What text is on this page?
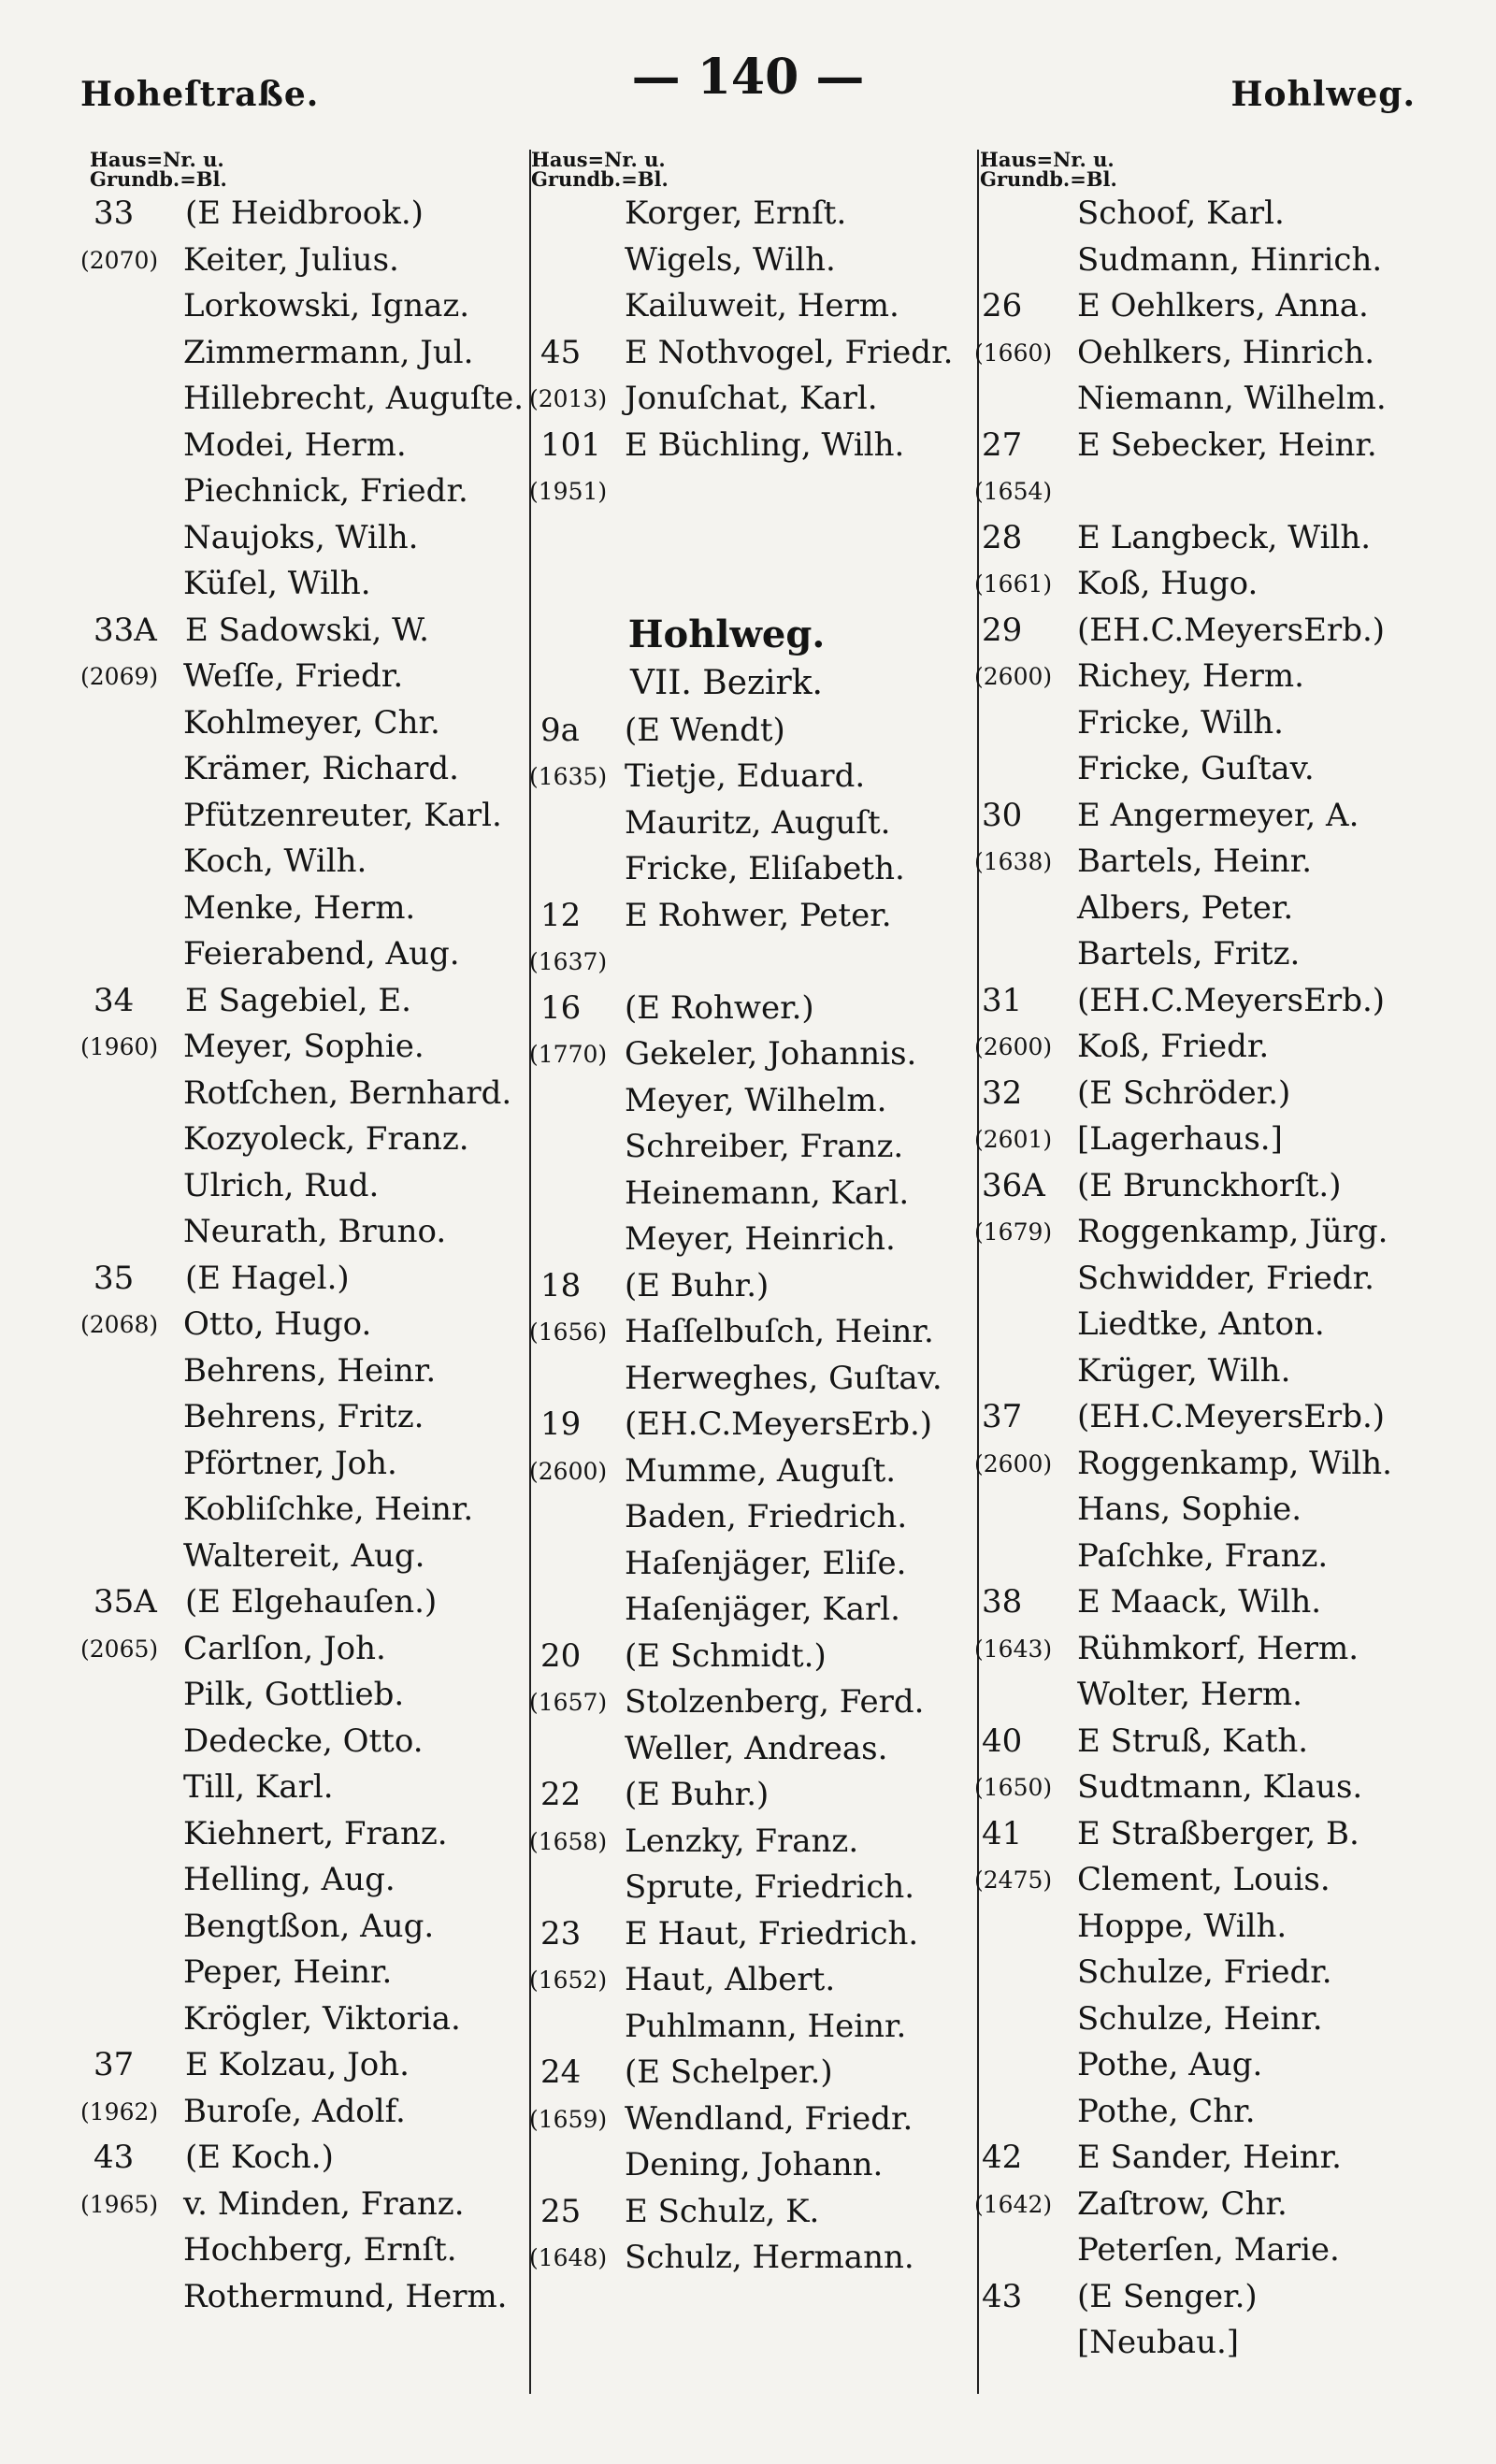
Hoheſtraße.	— 140 —	Hohlweg.
Haus=Nr. u.
Grundb.=Bl.
33 (E Heidbrook.)
(2070) Keiter, Julius.
Lorkowski, Ignaz.
Zimmermann, Jul.
Hillebrecht, Auguſte.
Modei, Herm.
Piechnick, Friedr.
Naujoks, Wilh.
Küſel, Wilh.
33A E Sadowski, W.
(2069) Weſſe, Friedr.
Kohlmeyer, Chr.
Krämer, Richard.
Pfützenreuter, Karl.
Koch, Wilh.
Menke, Herm.
Feierabend, Aug.
34 E Sagebiel, E.
(1960) Meyer, Sophie.
Rotſchen, Bernhard.
Kozyoleck, Franz.
Ulrich, Rud.
Neurath, Bruno.
35 (E Hagel.)
(2068) Otto, Hugo.
Behrens, Heinr.
Behrens, Fritz.
Pförtner, Joh.
Kobliſchke, Heinr.
Waltereit, Aug.
35A (E Elgehauſen.)
(2065) Carlſon, Joh.
Pilk, Gottlieb.
Dedecke, Otto.
Till, Karl.
Kiehnert, Franz.
Helling, Aug.
Bengtßon, Aug.
Peper, Heinr.
Krögler, Viktoria.
37 E Kolzau, Joh.
(1962) Buroſe, Adolf.
43 (E Koch.)
(1965) v. Minden, Franz.
Hochberg, Ernſt.
Rothermund, Herm.
Haus=Nr. u.
Grundb.=Bl.
Korger, Ernſt.
Wigels, Wilh.
Kailuweit, Herm.
45 E Nothvogel, Friedr.
(2013) Jonuſchat, Karl.
101 E Büchling, Wilh.
(1951)
Hohlweg.
VII. Bezirk.
9a (E Wendt)
(1635) Tietje, Eduard.
Mauritz, Auguſt.
Fricke, Eliſabeth.
12 E Rohwer, Peter.
(1637)
16 (E Rohwer.)
(1770) Gekeler, Johannis.
Meyer, Wilhelm.
Schreiber, Franz.
Heinemann, Karl.
Meyer, Heinrich.
18 (E Buhr.)
(1656) Haſſelbuſch, Heinr.
Herweghes, Guſtav.
19 (EH.C.MeyersErb.)
(2600) Mumme, Auguſt.
Baden, Friedrich.
Haſenjäger, Eliſe.
Haſenjäger, Karl.
20 (E Schmidt.)
(1657) Stolzenberg, Ferd.
Weller, Andreas.
22 (E Buhr.)
(1658) Lenzky, Franz.
Sprute, Friedrich.
23 E Haut, Friedrich.
(1652) Haut, Albert.
Puhlmann, Heinr.
24 (E Schelper.)
(1659) Wendland, Friedr.
Dening, Johann.
25 E Schulz, K.
(1648) Schulz, Hermann.
Haus=Nr. u.
Grundb.=Bl.
Schoof, Karl.
Sudmann, Hinrich.
26 E Oehlkers, Anna.
(1660) Oehlkers, Hinrich.
Niemann, Wilhelm.
27 E Sebecker, Heinr.
(1654)
28 E Langbeck, Wilh.
(1661) Koß, Hugo.
29 (EH.C.MeyersErb.)
(2600) Richey, Herm.
Fricke, Wilh.
Fricke, Guſtav.
30 E Angermeyer, A.
(1638) Bartels, Heinr.
Albers, Peter.
Bartels, Fritz.
31 (EH.C.MeyersErb.)
(2600) Koß, Friedr.
32 (E Schröder.)
(2601) [Lagerhaus.]
36A (E Brunckhorſt.)
(1679) Roggenkamp, Jürg.
Schwidder, Friedr.
Liedtke, Anton.
Krüger, Wilh.
37 (EH.C.MeyersErb.)
(2600) Roggenkamp, Wilh.
Hans, Sophie.
Paſchke, Franz.
38 E Maack, Wilh.
(1643) Rühmkorf, Herm.
Wolter, Herm.
40 E Struß, Kath.
(1650) Sudtmann, Klaus.
41 E Straßberger, B.
(2475) Clement, Louis.
Hoppe, Wilh.
Schulze, Friedr.
Schulze, Heinr.
Pothe, Aug.
Pothe, Chr.
42 E Sander, Heinr.
(1642) Zaſtrow, Chr.
Peterſen, Marie.
43 (E Senger.)
[Neubau.]
